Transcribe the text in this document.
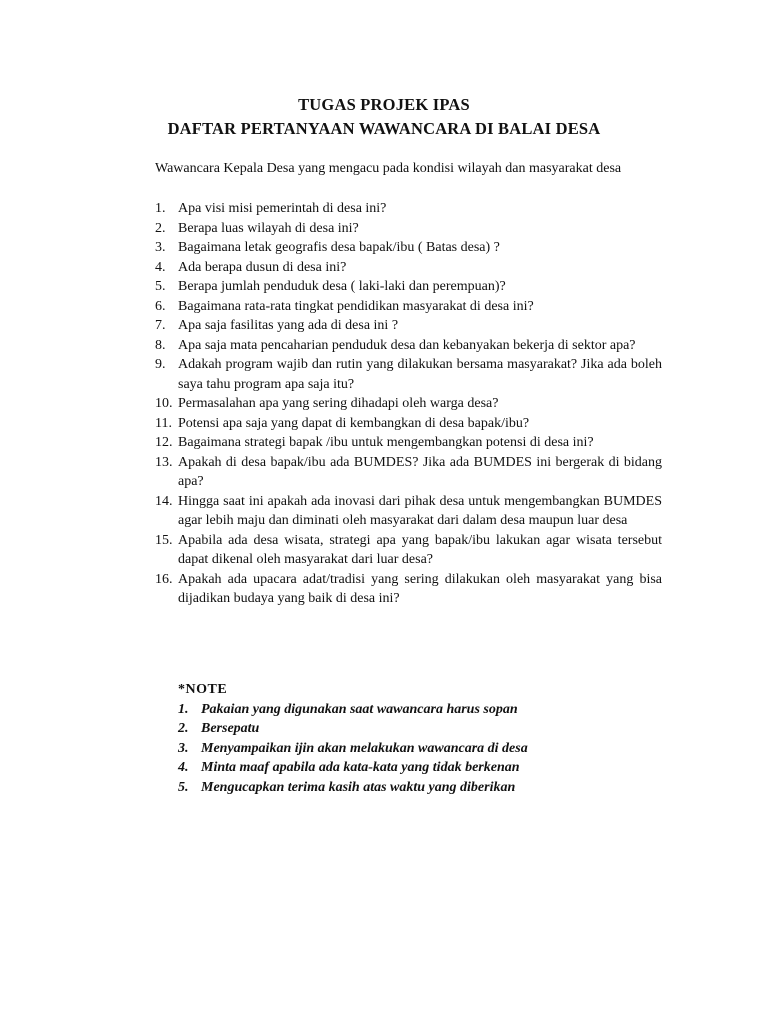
TUGAS PROJEK IPAS
DAFTAR PERTANYAAN WAWANCARA DI BALAI DESA
Wawancara Kepala Desa yang mengacu pada kondisi wilayah dan masyarakat desa
1. Apa visi misi pemerintah di desa ini?
2. Berapa luas wilayah di desa ini?
3. Bagaimana letak geografis desa bapak/ibu ( Batas desa) ?
4. Ada berapa dusun di desa ini?
5. Berapa jumlah penduduk desa ( laki-laki dan perempuan)?
6. Bagaimana rata-rata tingkat pendidikan masyarakat di desa ini?
7. Apa saja fasilitas yang ada di desa ini ?
8. Apa saja mata pencaharian penduduk desa dan kebanyakan bekerja di sektor apa?
9. Adakah program wajib dan rutin yang dilakukan bersama masyarakat? Jika ada boleh saya tahu program apa saja itu?
10. Permasalahan apa yang sering dihadapi oleh warga desa?
11. Potensi apa saja yang dapat di kembangkan di desa bapak/ibu?
12. Bagaimana strategi bapak /ibu untuk mengembangkan potensi di desa ini?
13. Apakah di desa bapak/ibu ada BUMDES? Jika ada BUMDES ini bergerak di bidang apa?
14. Hingga saat ini apakah ada inovasi dari pihak desa untuk mengembangkan BUMDES agar lebih maju dan diminati oleh masyarakat dari dalam desa maupun luar desa
15. Apabila ada desa wisata, strategi apa yang bapak/ibu lakukan agar wisata tersebut dapat dikenal oleh masyarakat dari luar desa?
16. Apakah ada upacara adat/tradisi yang sering dilakukan oleh masyarakat yang bisa dijadikan budaya yang baik di desa ini?
*NOTE
1. Pakaian yang digunakan saat wawancara harus sopan
2. Bersepatu
3. Menyampaikan ijin akan melakukan wawancara di desa
4. Minta maaf apabila ada kata-kata yang tidak berkenan
5. Mengucapkan terima kasih atas waktu yang diberikan
